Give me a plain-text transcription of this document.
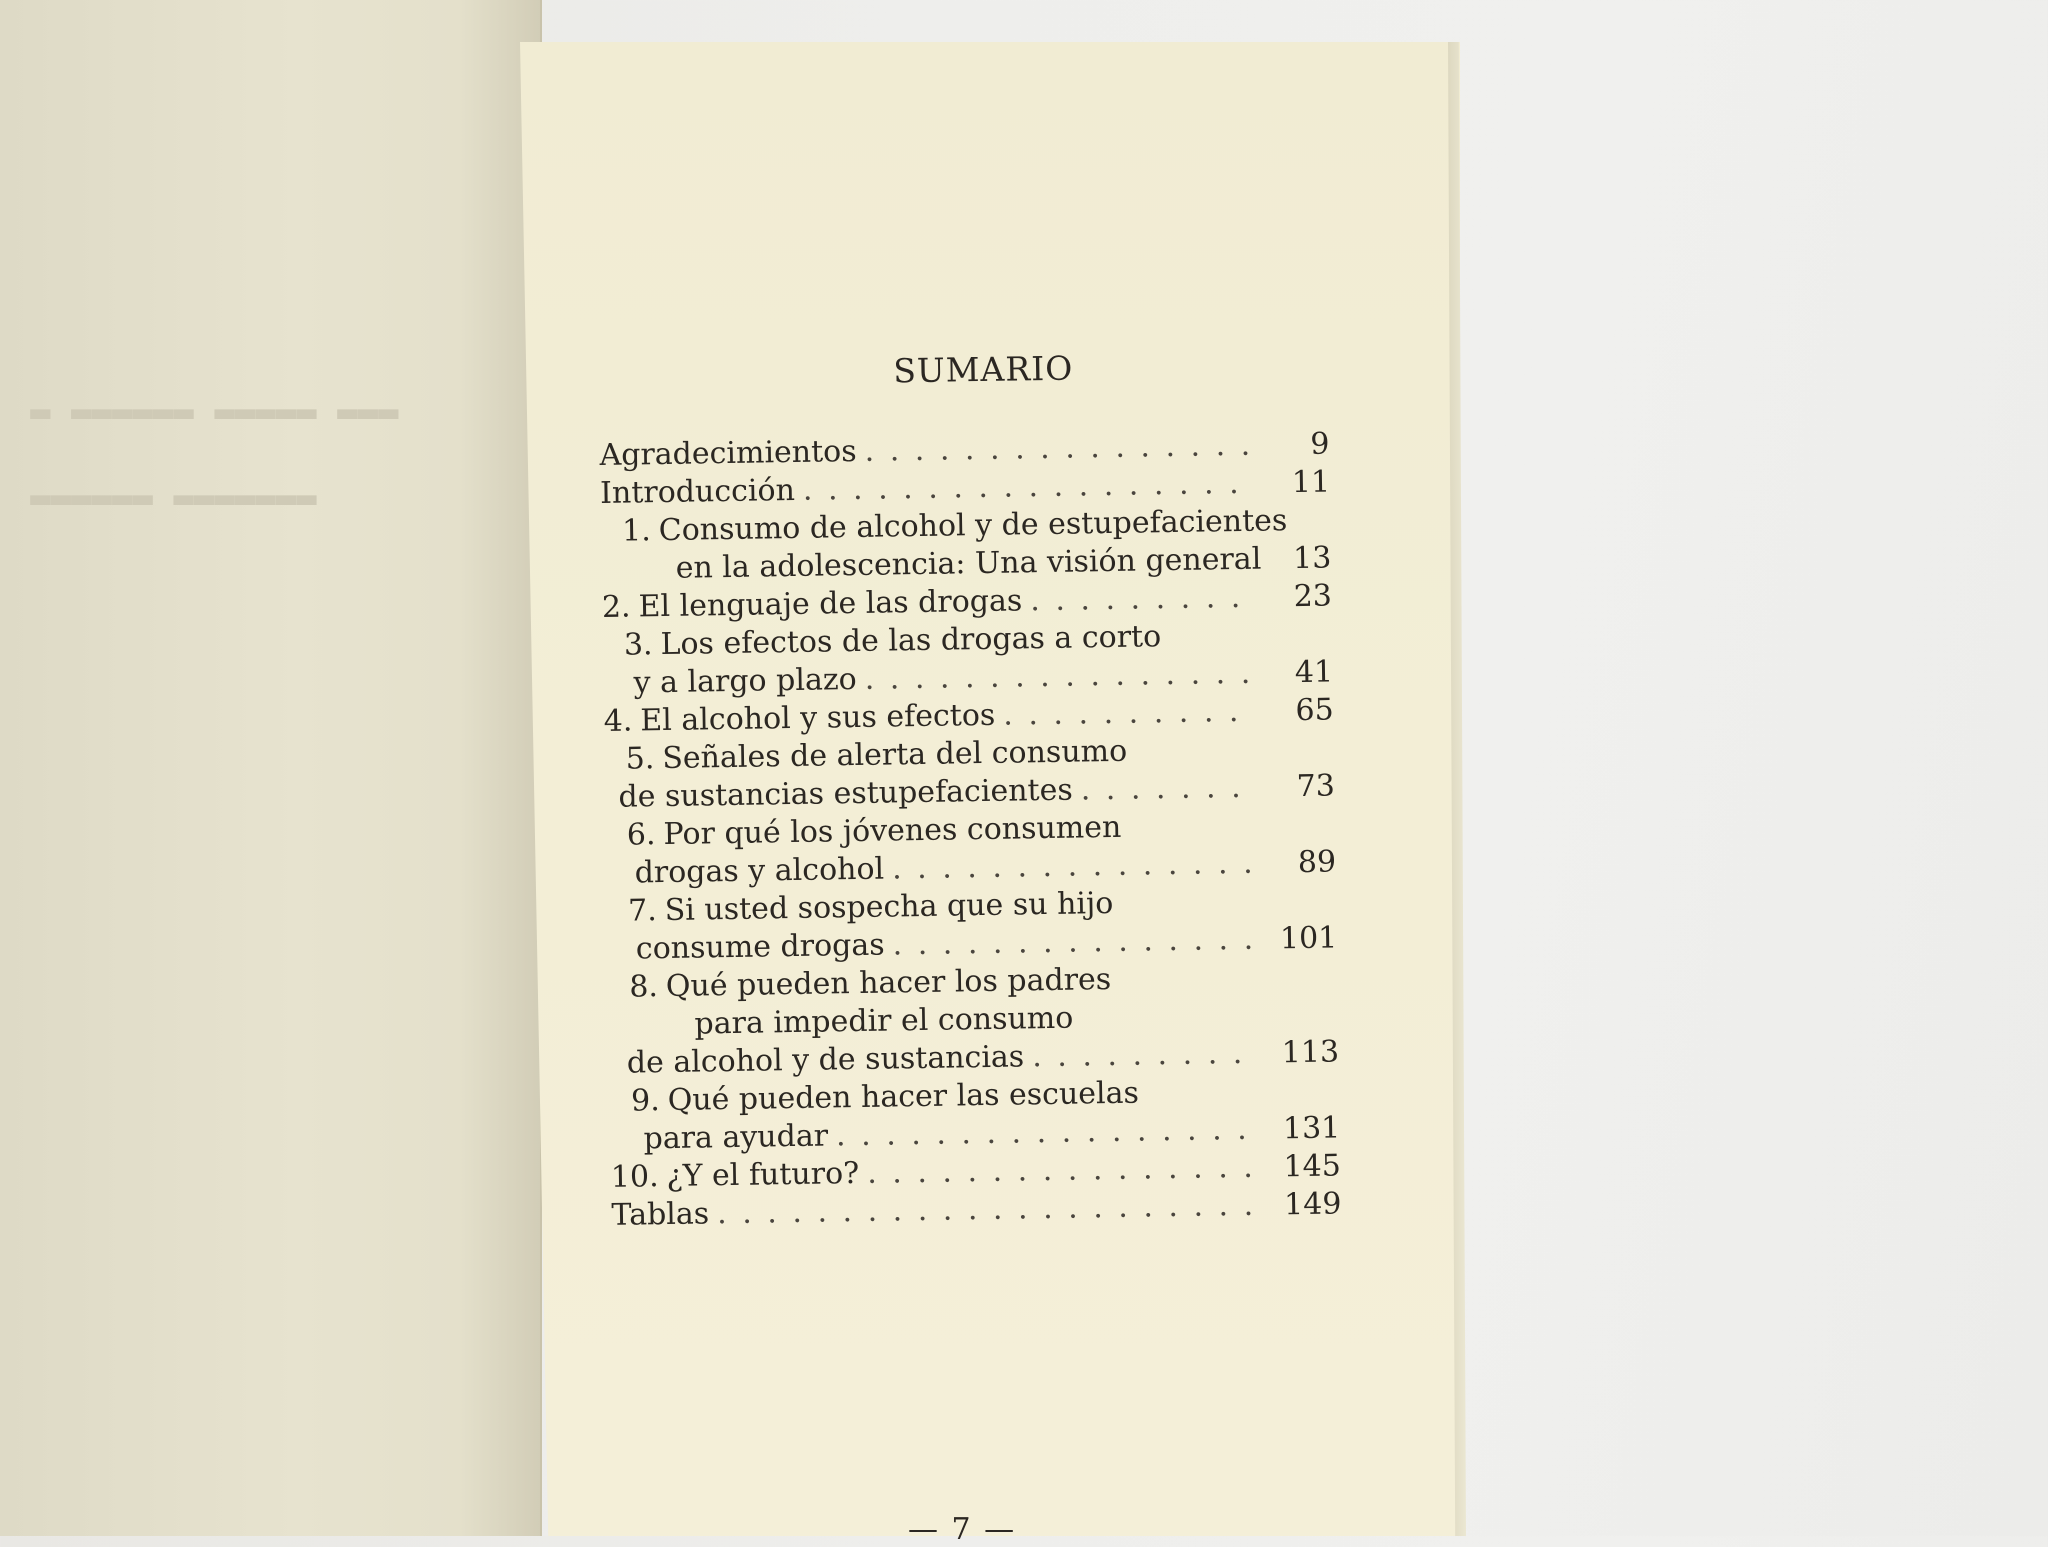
▬▬▬ ▬▬▬▬▬ ▬▬▬▬▬▬ ▬
▬▬▬▬▬▬▬ ▬▬▬▬▬▬
SUMARIO
Agradecimientos . . .	9
Introducción . . .	11
1. Consumo de alcohol y de estupefacientes
en la adolescencia: Una visión general	13
2. El lenguaje de las drogas . . .	23
3. Los efectos de las drogas a corto
y a largo plazo . . .	41
4. El alcohol y sus efectos . . .	65
5. Señales de alerta del consumo
de sustancias estupefacientes . . .	73
6. Por qué los jóvenes consumen
drogas y alcohol . . .	89
7. Si usted sospecha que su hijo
consume drogas . . .	101
8. Qué pueden hacer los padres
para impedir el consumo
de alcohol y de sustancias . . .	113
9. Qué pueden hacer las escuelas
para ayudar . . .	131
10. ¿Y el futuro? . . .	145
Tablas . . .	149
— 7 —
